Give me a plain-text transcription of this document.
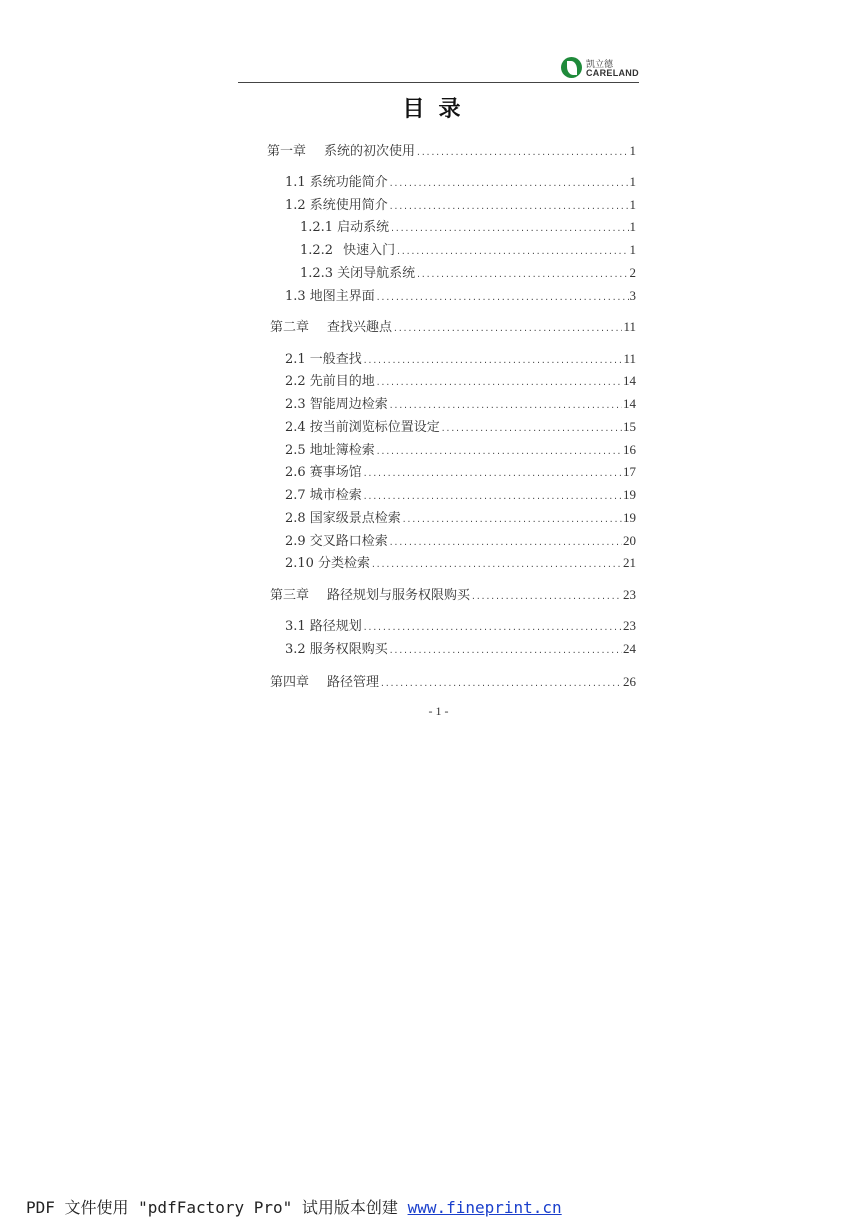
凯立德
CARELAND
目录
第一章 系统的初次使用 .....	1
1.1 系统功能简介 .....	1
1.2 系统使用简介 .....	1
1.2.1 启动系统 .....	1
1.2.2 快速入门 .....	1
1.2.3 关闭导航系统 .....	2
1.3 地图主界面 .....	3
第二章 查找兴趣点 .....	11
2.1 一般查找 .....	11
2.2 先前目的地 .....	14
2.3 智能周边检索 .....	14
2.4 按当前浏览标位置设定 .....	15
2.5 地址簿检索 .....	16
2.6 赛事场馆 .....	17
2.7 城市检索 .....	19
2.8 国家级景点检索 .....	19
2.9 交叉路口检索 .....	20
2.10 分类检索 .....	21
第三章 路径规划与服务权限购买 .....	23
3.1 路径规划 .....	23
3.2 服务权限购买 .....	24
第四章 路径管理 .....	26
- 1 -
PDF 文件使用 "pdfFactory Pro" 试用版本创建 www.fineprint.cn
